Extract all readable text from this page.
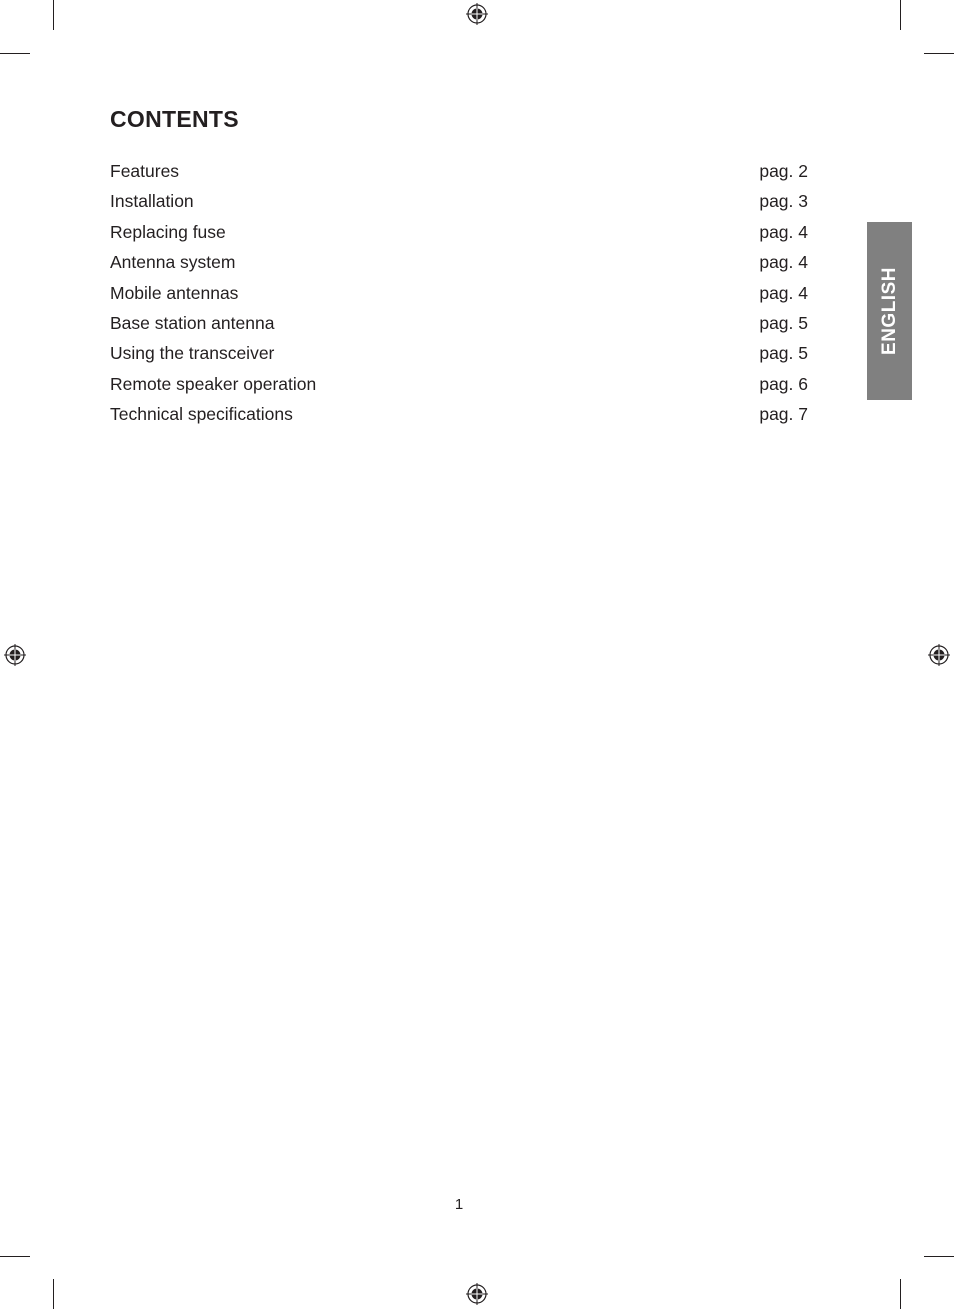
CONTENTS
Features	pag. 2
Installation	pag. 3
Replacing fuse	pag. 4
Antenna system	pag. 4
Mobile antennas	pag. 4
Base station antenna	pag. 5
Using the transceiver	pag. 5
Remote speaker operation	pag. 6
Technical specifications	pag. 7
ENGLISH
1
